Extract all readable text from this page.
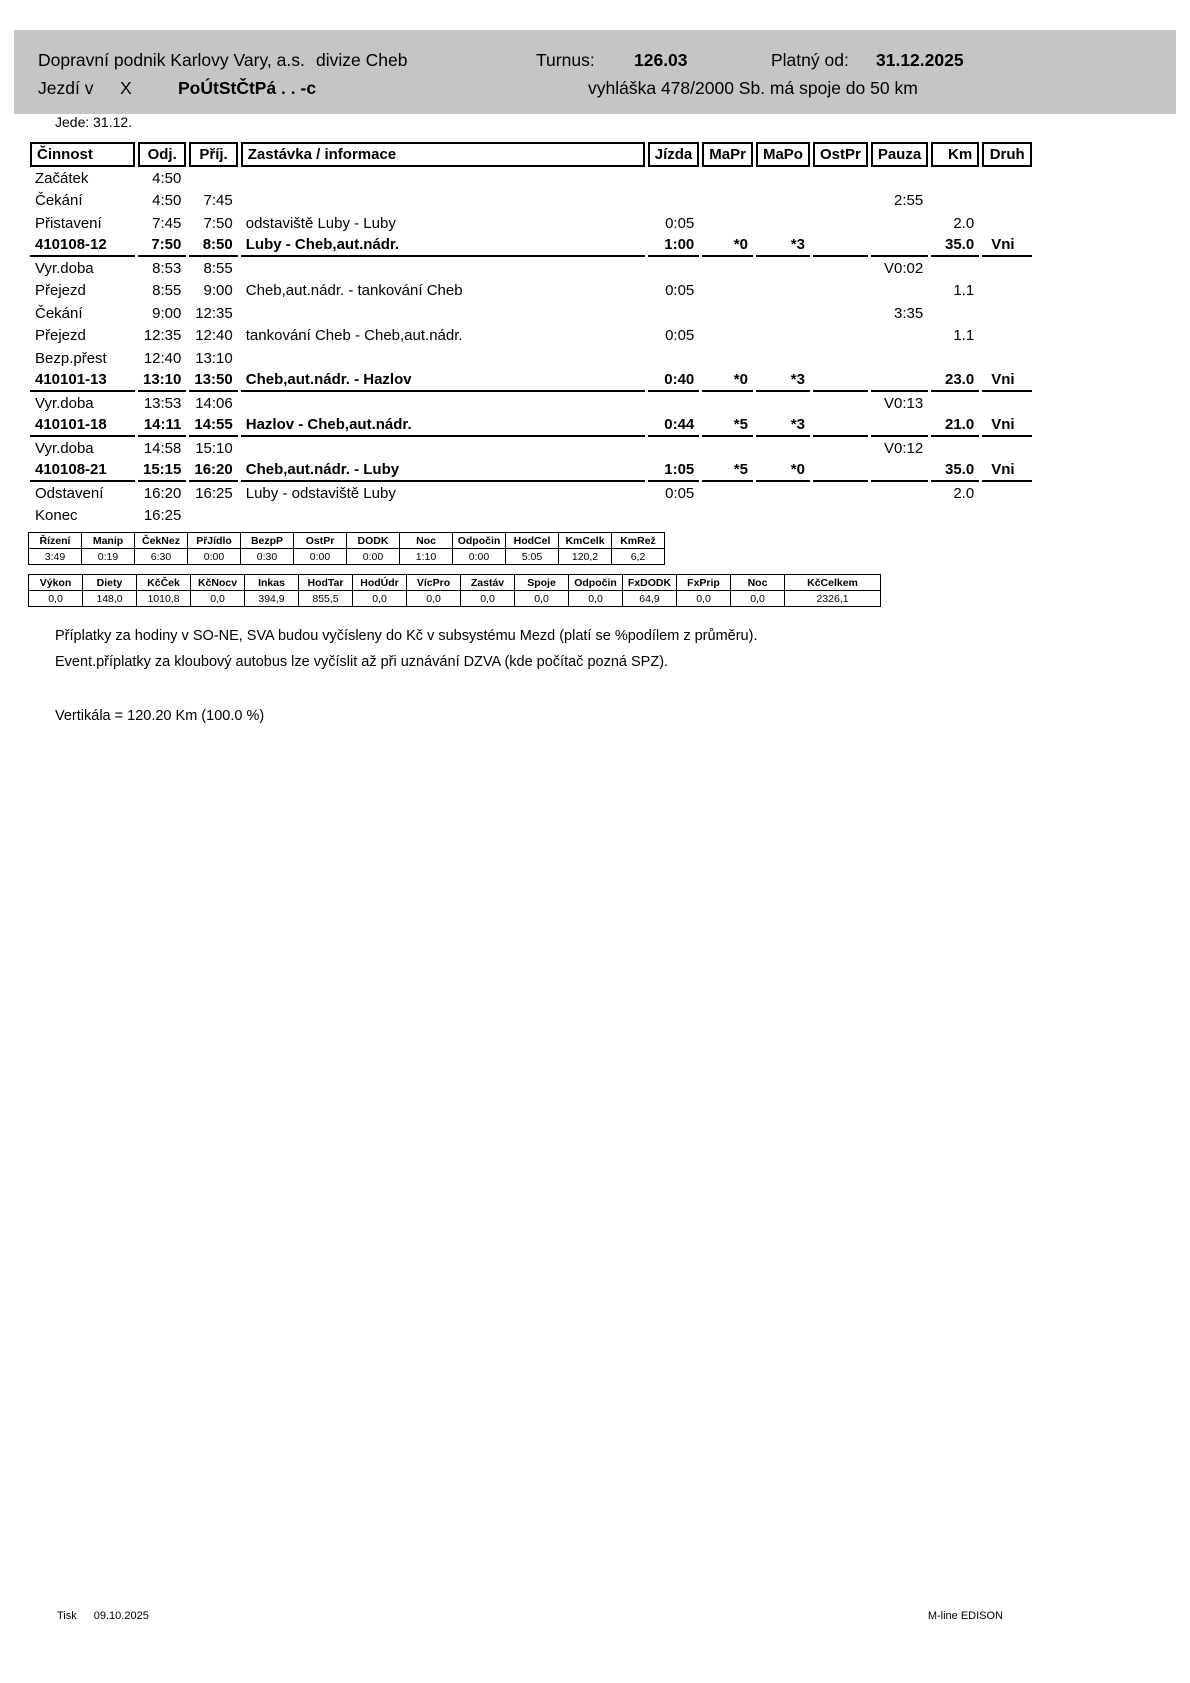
Dopravní podnik Karlovy Vary, a.s. divize Cheb	Turnus: 126.03	Platný od: 31.12.2025
Jezdí v X	PoÚtStČtPá . . -c	vyhláška 478/2000 Sb. má spoje do 50 km
Jede: 31.12.
Činnost	Odj.	Příj.	Zastávka / informace	Jízda	MaPr	MaPo	OstPr	Pauza	Km	Druh
Začátek	4:50									
Čekání	4:50	7:45						2:55		
Přistavení	7:45	7:50	odstaviště Luby - Luby	0:05					2.0	
410108-12	7:50	8:50	Luby - Cheb,aut.nádr.	1:00	*0	*3			35.0	Vni
Vyr.doba	8:53	8:55						V0:02		
Přejezd	8:55	9:00	Cheb,aut.nádr. - tankování Cheb	0:05					1.1	
Čekání	9:00	12:35						3:35		
Přejezd	12:35	12:40	tankování Cheb - Cheb,aut.nádr.	0:05					1.1	
Bezp.přest	12:40	13:10								
410101-13	13:10	13:50	Cheb,aut.nádr. - Hazlov	0:40	*0	*3			23.0	Vni
Vyr.doba	13:53	14:06						V0:13		
410101-18	14:11	14:55	Hazlov - Cheb,aut.nádr.	0:44	*5	*3			21.0	Vni
Vyr.doba	14:58	15:10						V0:12		
410108-21	15:15	16:20	Cheb,aut.nádr. - Luby	1:05	*5	*0			35.0	Vni
Odstavení	16:20	16:25	Luby - odstaviště Luby	0:05					2.0	
Konec	16:25									
Řízení	Manip	ČekNez	PřJídlo	BezpP	OstPr	DODK	Noc	Odpočin	HodCel	KmCelk	KmRež
3:49	0:19	6:30	0:00	0:30	0:00	0:00	1:10	0:00	5:05	120,2	6,2
Výkon	Diety	KčČek	KčNocv	Inkas	HodTar	HodÚdr	VícPro	Zastáv	Spoje	Odpočin	FxDODK	FxPrip	Noc	KčCelkem
0,0	148,0	1010,8	0,0	394,9	855,5	0,0	0,0	0,0	0,0	0,0	64,9	0,0	0,0	2326,1
Příplatky za hodiny v SO-NE, SVA budou vyčísleny do Kč v subsystému Mezd (platí se %podílem z průměru).
Event.příplatky za kloubový autobus lze vyčíslit až při uznávání DZVA (kde počítač pozná SPZ).
Vertikála = 120.20 Km (100.0 %)
Tisk 09.10.2025	M-line EDISON
